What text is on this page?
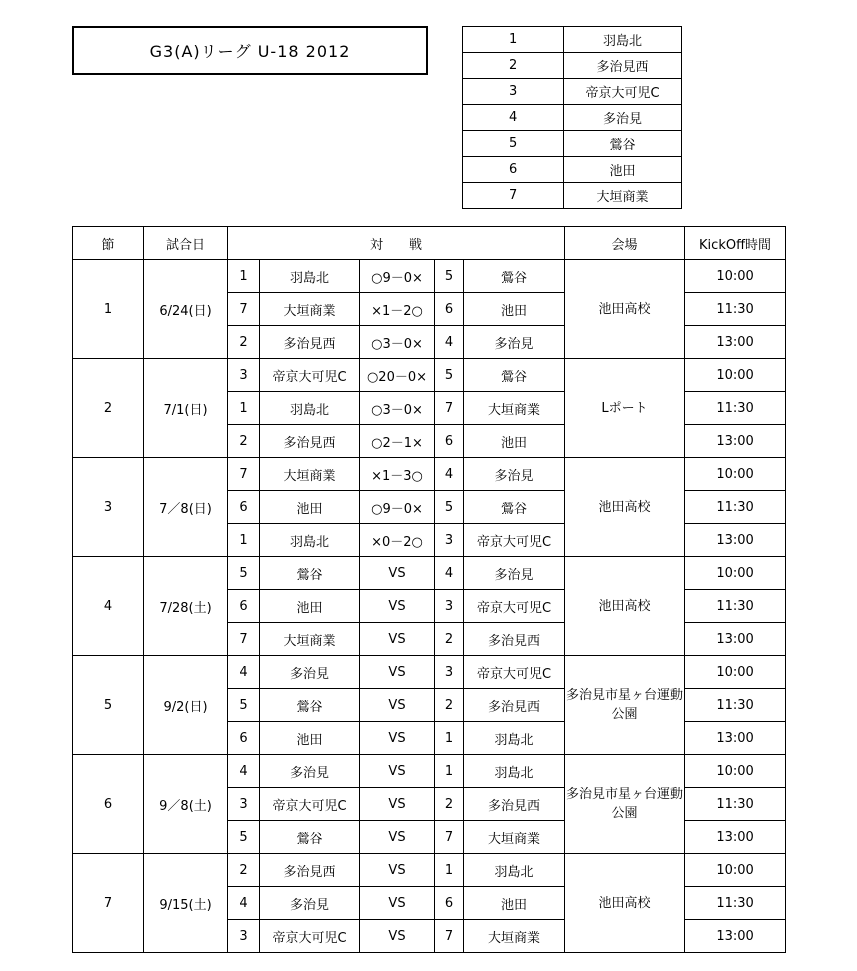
G3(A)リーグ U-18 2012
1	羽島北
2	多治見西
3	帝京大可児C
4	多治見
5	鶯谷
6	池田
7	大垣商業
節	試合日	対　　戦					会場	KickOff時間
1	6/24(日)	1	羽島北	○9－0×	5	鶯谷	池田高校	10:00
		7	大垣商業	×1－2○	6	池田		11:30
		2	多治見西	○3－0×	4	多治見		13:00
2	7/1(日)	3	帝京大可児C	○20－0×	5	鶯谷	Lポート	10:00
		1	羽島北	○3－0×	7	大垣商業		11:30
		2	多治見西	○2－1×	6	池田		13:00
3	7／8(日)	7	大垣商業	×1－3○	4	多治見	池田高校	10:00
		6	池田	○9－0×	5	鶯谷		11:30
		1	羽島北	×0－2○	3	帝京大可児C		13:00
4	7/28(土)	5	鶯谷	VS	4	多治見	池田高校	10:00
		6	池田	VS	3	帝京大可児C		11:30
		7	大垣商業	VS	2	多治見西		13:00
5	9/2(日)	4	多治見	VS	3	帝京大可児C	多治見市星ヶ台運動公園	10:00
		5	鶯谷	VS	2	多治見西		11:30
		6	池田	VS	1	羽島北		13:00
6	9／8(土)	4	多治見	VS	1	羽島北	多治見市星ヶ台運動公園	10:00
		3	帝京大可児C	VS	2	多治見西		11:30
		5	鶯谷	VS	7	大垣商業		13:00
7	9/15(土)	2	多治見西	VS	1	羽島北	池田高校	10:00
		4	多治見	VS	6	池田		11:30
		3	帝京大可児C	VS	7	大垣商業		13:00
